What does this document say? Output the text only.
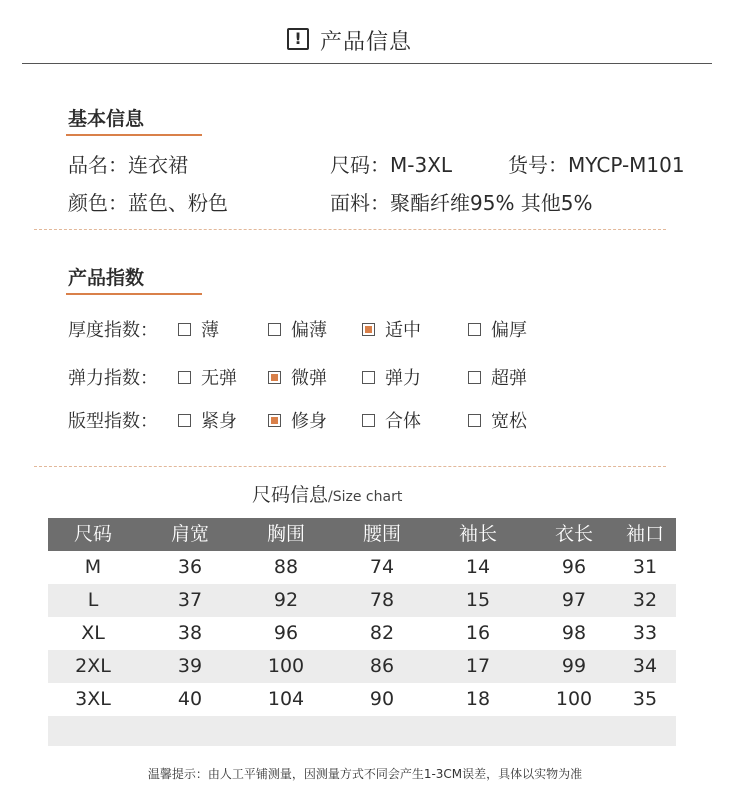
! 产品信息
基本信息
品名：连衣裙	尺码：M-3XL	货号：MYCP-M101
颜色：蓝色、粉色	面料：聚酯纤维95% 其他5%
产品指数
厚度指数： 薄	偏薄	适中	偏厚
弹力指数： 无弹	微弹	弹力	超弹
版型指数： 紧身	修身	合体	宽松
尺码信息/Size chart
尺码	肩宽	胸围	腰围	袖长	衣长 袖口
M	36	88	74	14	96 31
L	37	92	78	15	97 32
XL	38	96	82	16	98 33
2XL	39	100	86	17	99 34
3XL	40	104	90	18	100 35
温馨提示：由人工平铺测量，因测量方式不同会产生1-3CM误差，具体以实物为准
